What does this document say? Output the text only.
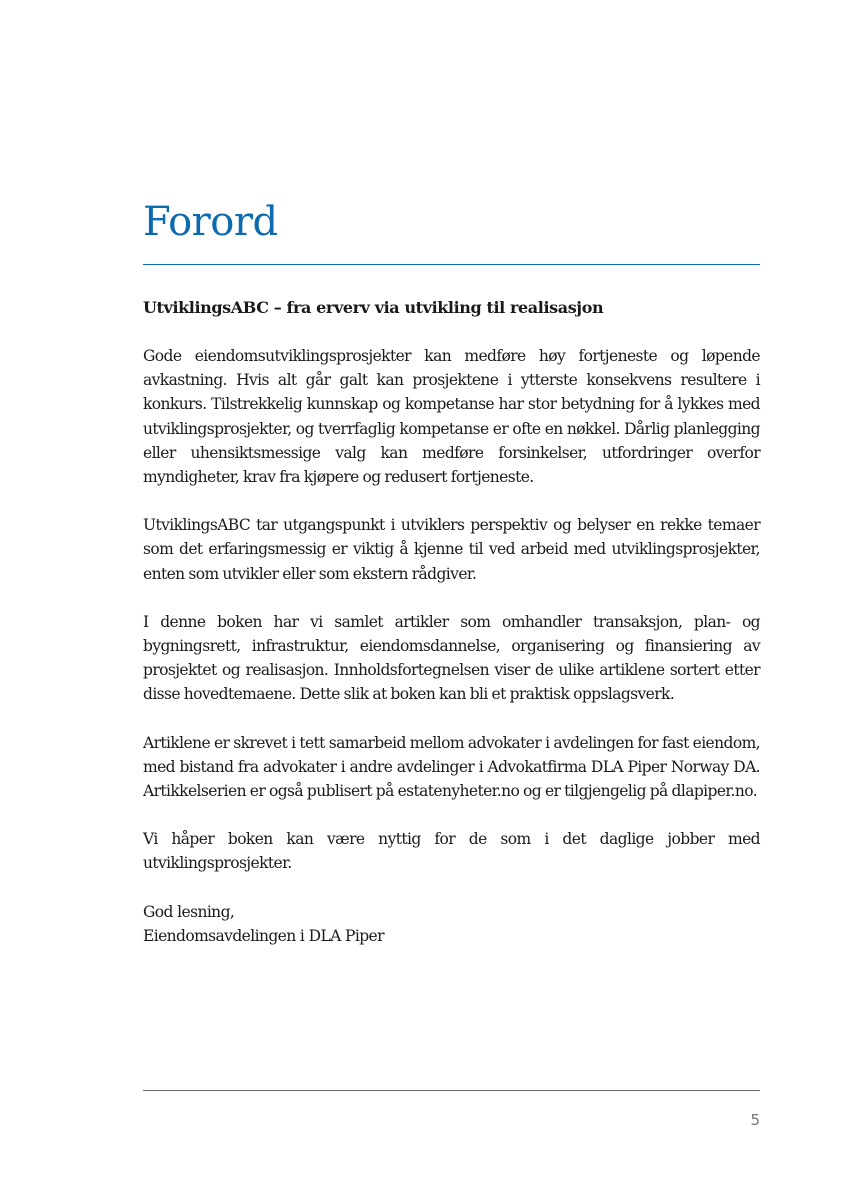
Forord

UtviklingsABC – fra erverv via utvikling til realisasjon

Gode eiendomsutviklingsprosjekter kan medføre høy fortjeneste og løpende avkastning. Hvis alt går galt kan prosjektene i ytterste konsekvens resultere i konkurs. Tilstrekkelig kunnskap og kompetanse har stor betydning for å lykkes med utviklingsprosjekter, og tverrfaglig kompetanse er ofte en nøkkel. Dårlig planlegging eller uhensiktsmessige valg kan medføre forsinkelser, utfordringer overfor myndigheter, krav fra kjøpere og redusert fortjeneste.

UtviklingsABC tar utgangspunkt i utviklers perspektiv og belyser en rekke temaer som det erfaringsmessig er viktig å kjenne til ved arbeid med utviklingsprosjekter, enten som utvikler eller som ekstern rådgiver.

I denne boken har vi samlet artikler som omhandler transaksjon, plan- og bygningsrett, infrastruktur, eiendomsdannelse, organisering og finansiering av prosjektet og realisasjon. Innholdsfortegnelsen viser de ulike artiklene sortert etter disse hovedtemaene. Dette slik at boken kan bli et praktisk oppslagsverk.

Artiklene er skrevet i tett samarbeid mellom advokater i avdelingen for fast eiendom, med bistand fra advokater i andre avdelinger i Advokatfirma DLA Piper Norway DA. Artikkelserien er også publisert på estatenyheter.no og er tilgjengelig på dlapiper.no.

Vi håper boken kan være nyttig for de som i det daglige jobber med utviklingsprosjekter.

God lesning,

Eiendomsavdelingen i DLA Piper

5
